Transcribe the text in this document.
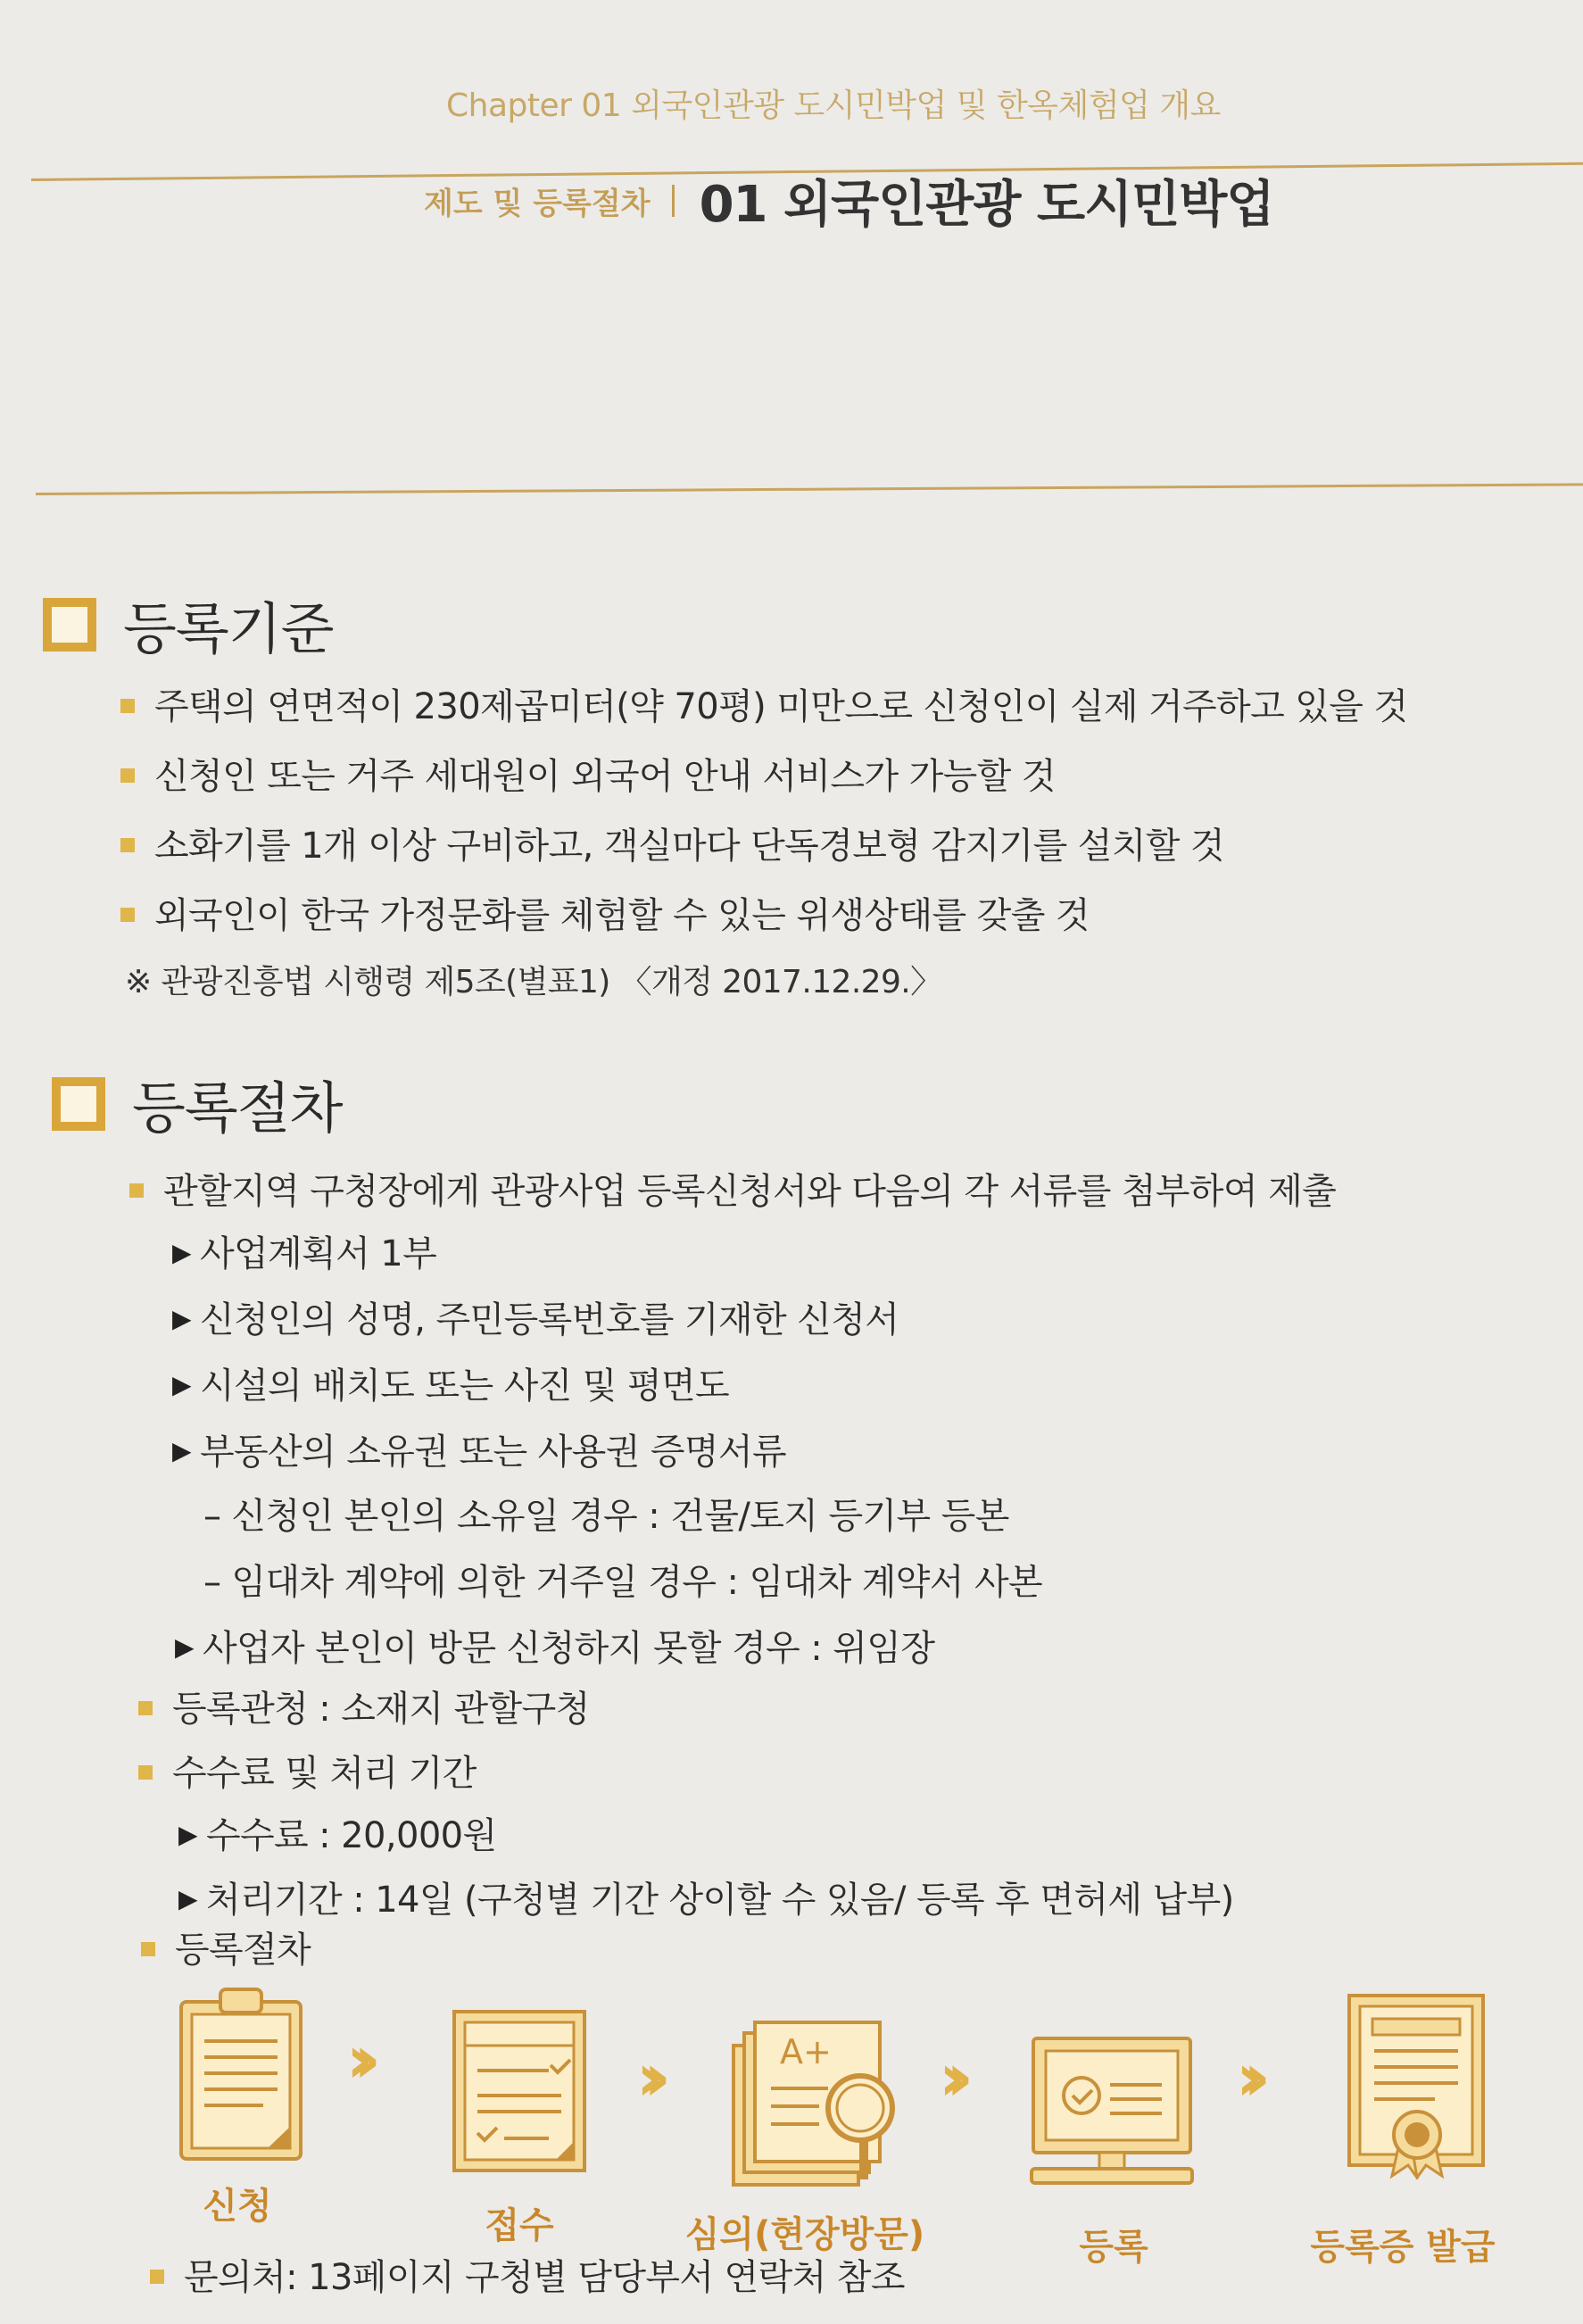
Chapter 01 외국인관광 도시민박업 및 한옥체험업 개요
제도 및 등록절차 01 외국인관광 도시민박업
등록기준
주택의 연면적이 230제곱미터(약 70평) 미만으로 신청인이 실제 거주하고 있을 것
신청인 또는 거주 세대원이 외국어 안내 서비스가 가능할 것
소화기를 1개 이상 구비하고, 객실마다 단독경보형 감지기를 설치할 것
외국인이 한국 가정문화를 체험할 수 있는 위생상태를 갖출 것
※ 관광진흥법 시행령 제5조(별표1) 〈개정 2017.12.29.〉
등록절차
관할지역 구청장에게 관광사업 등록신청서와 다음의 각 서류를 첨부하여 제출
▶ 사업계획서 1부
▶ 신청인의 성명, 주민등록번호를 기재한 신청서
▶ 시설의 배치도 또는 사진 및 평면도
▶ 부동산의 소유권 또는 사용권 증명서류
– 신청인 본인의 소유일 경우 : 건물/토지 등기부 등본
– 임대차 계약에 의한 거주일 경우 : 임대차 계약서 사본
▶ 사업자 본인이 방문 신청하지 못할 경우 : 위임장
등록관청 : 소재지 관할구청
수수료 및 처리 기간
▶ 수수료 : 20,000원
▶ 처리기간 : 14일 (구청별 기간 상이할 수 있음/ 등록 후 면허세 납부)
등록절차
››	››	A+ ››	››
신청	접수	심의(현장방문)	등록	등록증 발급
문의처: 13페이지 구청별 담당부서 연락처 참조
